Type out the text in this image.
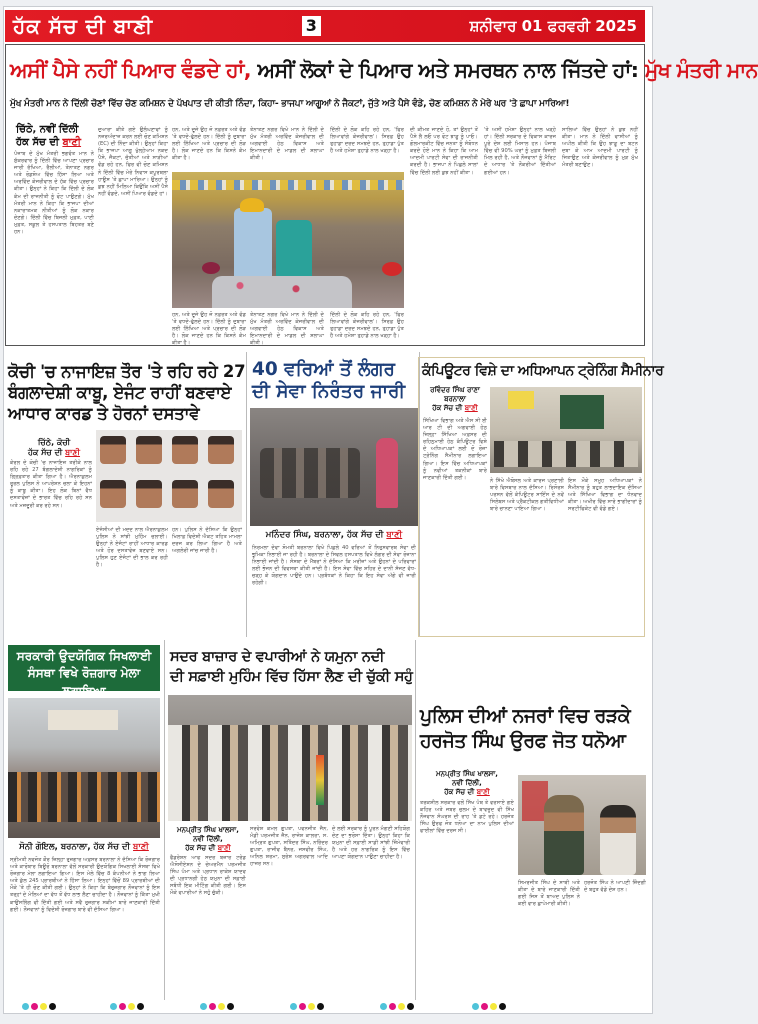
ਹੱਕ ਸੱਚ ਦੀ ਬਾਣੀ	3	ਸ਼ਨੀਵਾਰ 01 ਫਰਵਰੀ 2025
ਅਸੀਂ ਪੈਸੇ ਨਹੀਂ ਪਿਆਰ ਵੰਡਦੇ ਹਾਂ, ਅਸੀਂ ਲੋਕਾਂ ਦੇ ਪਿਆਰ ਅਤੇ ਸਮਰਥਨ ਨਾਲ ਜਿੱਤਦੇ ਹਾਂ: ਮੁੱਖ ਮੰਤਰੀ ਮਾਨ
ਮੁੱਖ ਮੰਤਰੀ ਮਾਨ ਨੇ ਦਿੱਲੀ ਚੋਣਾਂ ਵਿੱਚ ਚੋਣ ਕਮਿਸ਼ਨ ਦੇ ਪੱਖਪਾਤ ਦੀ ਕੀਤੀ ਨਿੰਦਾ, ਕਿਹਾ- ਭਾਜਪਾ ਆਗੂਆਂ ਨੇ ਜੈਕਟਾਂ, ਜੁੱਤੇ ਅਤੇ ਪੈਸੇ ਵੰਡੇ, ਚੋਣ ਕਮਿਸ਼ਨ ਨੇ ਮੇਰੇ ਘਰ 'ਤੇ ਛਾਪਾ ਮਾਰਿਆ!
ਚਿੱਠੇ, ਨਵੀਂ ਦਿੱਲੀ
ਹੱਕ ਸੱਚ ਦੀ ਬਾਣੀ
ਪੰਜਾਬ ਦੇ ਮੁੱਖ ਮੰਤਰੀ ਭਗਵੰਤ ਮਾਨ ਨੇ ਸ਼ੁੱਕਰਵਾਰ ਨੂੰ ਦਿੱਲੀ ਵਿੱਚ ਆਪਣਾ ਪ੍ਰਚਾਰ ਜਾਰੀ ਰੱਖਿਆ, ਰੈਲੀਆਂ, ਤੇਨਾਤਣ ਨਗਰ ਅਤੇ ਰੋਡਸ਼ੋਅ ਵਿੱਚ ਹਿੱਸਾ ਲਿਆ ਅਤੇ ਅਰਵਿੰਦ ਕੇਜਰੀਵਾਲ ਦੇ ਹੱਕ ਵਿੱਚ ਪ੍ਰਚਾਰ ਕੀਤਾ। ਉਨ੍ਹਾਂ ਨੇ ਕਿਹਾ ਕਿ ਦਿੱਲੀ ਦੇ ਲੋਕ ਕੰਮ ਦੀ ਰਾਜਨੀਤੀ ਨੂੰ ਵੋਟ ਪਾਉਣਗੇ। ਮੁੱਖ ਮੰਤਰੀ ਮਾਨ ਨੇ ਕਿਹਾ ਕਿ ਭਾਜਪਾ ਦੀਆਂ ਨਕਾਰਾਤਮਕ ਨੀਤੀਆਂ ਨੂੰ ਲੋਕ ਨਕਾਰ ਦੇਣਗੇ। ਦਿੱਲੀ ਵਿੱਚ ਬਿਜਲੀ ਮੁਫ਼ਤ, ਪਾਣੀ ਮੁਫ਼ਤ, ਸਕੂਲ ਤੇ ਹਸਪਤਾਲ ਬਿਹਤਰ ਬਣੇ ਹਨ।
ਦੁਆਰਾ ਕੀਤੇ ਗਏ ਉਲੰਘਣਾਵਾਂ ਨੂੰ ਨਜ਼ਰਅੰਦਾਜ਼ ਕਰਨ ਲਈ ਚੋਣ ਕਮਿਸ਼ਨ (EC) ਦੀ ਨਿੰਦਾ ਕੀਤੀ। ਉਨ੍ਹਾਂ ਕਿਹਾ ਕਿ ਭਾਜਪਾ ਆਗੂ ਖੁੱਲ੍ਹੇਆਮ ਨਕਦ ਪੈਸੇ, ਜੈਕਟਾਂ, ਜੁੱਤੀਆਂ ਅਤੇ ਸਾੜੀਆਂ ਵੰਡ ਰਹੇ ਹਨ, ਫਿਰ ਵੀ ਚੋਣ ਕਮਿਸ਼ਨ ਨੇ ਦਿੱਲੀ ਵਿੱਚ ਮੇਰੇ ਨਿਵਾਸ ਕਪੂਰਥਲਾ ਹਾਊਸ 'ਤੇ ਛਾਪਾ ਮਾਰਿਆ। ਉਨ੍ਹਾਂ ਨੂੰ ਕੁਝ ਨਹੀਂ ਮਿਲਿਆ ਕਿਉਂਕਿ ਅਸੀਂ ਪੈਸੇ ਨਹੀਂ ਵੰਡਦੇ, ਅਸੀਂ ਪਿਆਰ ਵੰਡਦੇ ਹਾਂ।
ਹਨ, ਅਤੇ ਦੂਜੇ ਉਹ ਜੋ ਨਫ਼ਰਤ ਅਤੇ ਵੰਡ 'ਤੇ ਵਧਦੇ-ਫੁੱਲਦੇ ਹਨ। ਦਿੱਲੀ ਨੂੰ ਦੁਬਾਰਾ ਲਈ ਲਿੱਖਿਆ ਅਤੇ ਪ੍ਰਚਾਰ ਦੀ ਲੋੜ ਹੈ। ਲੋਕ ਜਾਣਦੇ ਹਨ ਕਿ ਕਿਸਨੇ ਕੰਮ ਕੀਤਾ ਹੈ।
ਤੇਨਾਤਣ ਨਗਰ ਵਿਖੇ ਮਾਨ ਨੇ ਦਿੱਲੀ ਦੇ ਮੁੱਖ ਮੰਤਰੀ ਅਰਵਿੰਦ ਕੇਜਰੀਵਾਲ ਦੀ ਅਗਵਾਈ ਹੇਠ ਵਿਕਾਸ ਅਤੇ ਇਮਾਨਦਾਰੀ ਦੇ ਮਾਡਲ ਦੀ ਸ਼ਲਾਘਾ ਕੀਤੀ।
ਦਿੱਲੀ ਦੇ ਲੋਕ ਕਹਿ ਰਹੇ ਹਨ, 'ਫਿਰ ਲਿਆਵਾਂਗੇ ਕੇਜਰੀਵਾਲ'। ਸਿਰਫ਼ ਉਹ ਤੁਹਾਡਾ ਦਰਦ ਸਮਝਦੇ ਹਨ, ਤੁਹਾਡਾ ਪੁੱਤ ਹੈ ਅਤੇ ਹਮੇਸ਼ਾ ਤੁਹਾਡੇ ਨਾਲ ਖੜ੍ਹਾ ਹੈ।
ਦੀ ਕੀਮਤ ਜਾਣਦੇ ਹੋ, ਤਾਂ ਉਨ੍ਹਾਂ ਤੋਂ ਪੈਸੇ ਲੈ ਲਓ ਪਰ ਵੋਟ ਝਾੜੂ ਨੂੰ ਪਾਓ। ਗੋਲਮਾਰਕੀਟ ਵਿੱਚ ਜਨਤਾ ਨੂੰ ਸੰਬੋਧਨ ਕਰਦੇ ਹੋਏ ਮਾਨ ਨੇ ਕਿਹਾ ਕਿ ਆਮ ਆਦਮੀ ਪਾਰਟੀ ਸੇਵਾ ਦੀ ਰਾਜਨੀਤੀ ਕਰਦੀ ਹੈ। ਭਾਜਪਾ ਨੇ ਪਿਛਲੇ ਸਾਲਾਂ ਵਿੱਚ ਦਿੱਲੀ ਲਈ ਕੁਝ ਨਹੀਂ ਕੀਤਾ।
'ਤੇ ਅਸੀਂ ਹਮੇਸ਼ਾ ਉਨ੍ਹਾਂ ਨਾਲ ਖੜ੍ਹੇ ਹਾਂ। ਦਿੱਲੀ ਸਰਕਾਰ ਦੇ ਵਿਕਾਸ ਕਾਰਜ ਪੂਰੇ ਦੇਸ਼ ਲਈ ਮਿਸਾਲ ਹਨ। ਪੰਜਾਬ ਵਿੱਚ ਵੀ 90% ਘਰਾਂ ਨੂੰ ਮੁਫ਼ਤ ਬਿਜਲੀ ਮਿਲ ਰਹੀ ਹੈ, ਅਤੇ ਨੌਜਵਾਨਾਂ ਨੂੰ ਮੈਰਿਟ ਦੇ ਆਧਾਰ 'ਤੇ ਨੌਕਰੀਆਂ ਦਿੱਤੀਆਂ ਗਈਆਂ ਹਨ।
ਸਾਲਿਆਂ ਵਿੱਚ ਉਨ੍ਹਾਂ ਨੇ ਕੁਝ ਨਹੀਂ ਕੀਤਾ। ਮਾਨ ਨੇ ਦਿੱਲੀ ਵਾਸੀਆਂ ਨੂੰ ਅਪੀਲ ਕੀਤੀ ਕਿ ਉਹ ਝਾੜੂ ਦਾ ਬਟਨ ਦਬਾ ਕੇ ਆਮ ਆਦਮੀ ਪਾਰਟੀ ਨੂੰ ਜਿਤਾਉਣ ਅਤੇ ਕੇਜਰੀਵਾਲ ਨੂੰ ਮੁੜ ਮੁੱਖ ਮੰਤਰੀ ਬਣਾਉਣ।
ਹਨ, ਅਤੇ ਦੂਜੇ ਉਹ ਜੋ ਨਫ਼ਰਤ ਅਤੇ ਵੰਡ 'ਤੇ ਵਧਦੇ-ਫੁੱਲਦੇ ਹਨ। ਦਿੱਲੀ ਨੂੰ ਦੁਬਾਰਾ ਲਈ ਲਿੱਖਿਆ ਅਤੇ ਪ੍ਰਚਾਰ ਦੀ ਲੋੜ ਹੈ। ਲੋਕ ਜਾਣਦੇ ਹਨ ਕਿ ਕਿਸਨੇ ਕੰਮ ਕੀਤਾ ਹੈ।
ਤੇਨਾਤਣ ਨਗਰ ਵਿਖੇ ਮਾਨ ਨੇ ਦਿੱਲੀ ਦੇ ਮੁੱਖ ਮੰਤਰੀ ਅਰਵਿੰਦ ਕੇਜਰੀਵਾਲ ਦੀ ਅਗਵਾਈ ਹੇਠ ਵਿਕਾਸ ਅਤੇ ਇਮਾਨਦਾਰੀ ਦੇ ਮਾਡਲ ਦੀ ਸ਼ਲਾਘਾ ਕੀਤੀ।
ਦਿੱਲੀ ਦੇ ਲੋਕ ਕਹਿ ਰਹੇ ਹਨ, 'ਫਿਰ ਲਿਆਵਾਂਗੇ ਕੇਜਰੀਵਾਲ'। ਸਿਰਫ਼ ਉਹ ਤੁਹਾਡਾ ਦਰਦ ਸਮਝਦੇ ਹਨ, ਤੁਹਾਡਾ ਪੁੱਤ ਹੈ ਅਤੇ ਹਮੇਸ਼ਾ ਤੁਹਾਡੇ ਨਾਲ ਖੜ੍ਹਾ ਹੈ।
ਕੋਚੀ 'ਚ ਨਾਜਾਇਜ਼ ਤੌਰ 'ਤੇ ਰਹਿ ਰਹੇ 27 ਬੰਗਲਾਦੇਸ਼ੀ ਕਾਬੂ, ਏਜੰਟ ਰਾਹੀਂ ਬਣਵਾਏ ਆਧਾਰ ਕਾਰਡ ਤੇ ਹੋਰਨਾਂ ਦਸਤਾਵੇ
ਚਿੱਠੇ, ਕੋਚੀ
ਹੱਕ ਸੱਚ ਦੀ ਬਾਣੀ
ਕੇਰਲ ਦੇ ਕੋਚੀ 'ਚ ਨਾਜਾਇਜ਼ ਤਰੀਕੇ ਨਾਲ ਰਹਿ ਰਹੇ 27 ਬੰਗਲਾਦੇਸ਼ੀ ਨਾਗਰਿਕਾਂ ਨੂੰ ਗ੍ਰਿਫ਼ਤਾਰ ਕੀਤਾ ਗਿਆ ਹੈ। ਐਰਨਾਕੁਲਮ ਰੂਰਲ ਪੁਲਿਸ ਨੇ ਆਪਰੇਸ਼ਨ ਚਲਾ ਕੇ ਇਹਨਾਂ ਨੂੰ ਕਾਬੂ ਕੀਤਾ। ਇਹ ਲੋਕ ਬਿਨਾਂ ਵੈਧ ਦਸਤਾਵੇਜ਼ਾਂ ਦੇ ਭਾਰਤ ਵਿੱਚ ਰਹਿ ਰਹੇ ਸਨ ਅਤੇ ਮਜ਼ਦੂਰੀ ਕਰ ਰਹੇ ਸਨ।
ਏਜੰਸੀਆਂ ਦੀ ਮਦਦ ਨਾਲ ਐਰਨਾਕੁਲਮ ਪੁਲਿਸ ਨੇ ਸਾਂਝੀ ਮੁਹਿੰਮ ਚਲਾਈ। ਉਨ੍ਹਾਂ ਨੇ ਏਜੰਟਾਂ ਰਾਹੀਂ ਆਧਾਰ ਕਾਰਡ ਅਤੇ ਹੋਰ ਦਸਤਾਵੇਜ਼ ਬਣਵਾਏ ਸਨ। ਪੁਲਿਸ ਹੁਣ ਏਜੰਟਾਂ ਦੀ ਭਾਲ ਕਰ ਰਹੀ ਹੈ।
ਹਨ। ਪੁਲਿਸ ਨੇ ਦੱਸਿਆ ਕਿ ਉਨ੍ਹਾਂ ਖਿਲਾਫ਼ ਵਿਦੇਸ਼ੀ ਐਕਟ ਤਹਿਤ ਮਾਮਲਾ ਦਰਜ ਕਰ ਲਿਆ ਗਿਆ ਹੈ ਅਤੇ ਅਗਲੇਰੀ ਜਾਂਚ ਜਾਰੀ ਹੈ।
40 ਵਰਿਆਂ ਤੋਂ ਲੰਗਰ
ਦੀ ਸੇਵਾ ਨਿਰੰਤਰ ਜਾਰੀ
ਮਨਿੰਦਰ ਸਿੰਘ, ਬਰਨਾਲਾ, ਹੱਕ ਸੱਚ ਦੀ ਬਾਣੀ
ਨਿਰਮਲਾ ਦੇਵਾ ਸੋਮਤੀ ਬਰਨਾਲਾ ਵਿਖੇ ਪਿਛਲੇ 40 ਵਰਿਆਂ ਤੋਂ ਨਿਰੁਸਵਾਰਥ ਸੇਵਾ ਦੀ ਭੂਮਿਕਾ ਨਿਭਾਈ ਜਾ ਰਹੀ ਹੈ। ਬਰਨਾਲਾ ਦੇ ਸਿਵਲ ਹਸਪਤਾਲ ਵਿਖੇ ਲੰਗਰ ਦੀ ਸੇਵਾ ਰੋਜ਼ਾਨਾ ਨਿਭਾਈ ਜਾਂਦੀ ਹੈ। ਸੰਸਥਾ ਦੇ ਮੈਂਬਰਾਂ ਨੇ ਦੱਸਿਆ ਕਿ ਮਰੀਜ਼ਾਂ ਅਤੇ ਉਹਨਾਂ ਦੇ ਪਰਿਵਾਰਾਂ ਲਈ ਭੋਜਨ ਦੀ ਵਿਵਸਥਾ ਕੀਤੀ ਜਾਂਦੀ ਹੈ। ਇਸ ਸੇਵਾ ਵਿੱਚ ਸ਼ਹਿਰ ਦੇ ਦਾਨੀ ਸੱਜਣ ਵੱਧ-ਚੜ੍ਹ ਕੇ ਯੋਗਦਾਨ ਪਾਉਂਦੇ ਹਨ। ਪ੍ਰਬੰਧਕਾਂ ਨੇ ਕਿਹਾ ਕਿ ਇਹ ਸੇਵਾ ਅੱਗੇ ਵੀ ਜਾਰੀ ਰਹੇਗੀ।
ਕੰਪਿਊਟਰ ਵਿਸ਼ੇ ਦਾ ਅਧਿਆਪਨ ਟ੍ਰੇਨਿੰਗ ਸੈਮੀਨਾਰ
ਰਵਿੰਦਰ ਸਿੰਘ ਰਾਣਾ
ਬਰਨਾਲਾ
ਹੱਕ ਸੱਚ ਦੀ ਬਾਣੀ
ਸਿੱਖਿਆ ਵਿਭਾਗ ਅਤੇ ਐਸ ਸੀ ਈ ਆਰ ਟੀ ਦੀ ਅਗਵਾਈ ਹੇਠ ਜ਼ਿਲ੍ਹਾ ਸਿੱਖਿਆ ਅਫ਼ਸਰ ਦੀ ਰਹਿਨੁਮਾਈ ਹੇਠ ਕੰਪਿਊਟਰ ਵਿਸ਼ੇ ਦੇ ਅਧਿਆਪਕਾਂ ਲਈ ਦੋ ਰੋਜ਼ਾ ਟ੍ਰੇਨਿੰਗ ਸੈਮੀਨਾਰ ਲਗਾਇਆ ਗਿਆ। ਇਸ ਵਿੱਚ ਅਧਿਆਪਕਾਂ ਨੂੰ ਨਵੀਆਂ ਤਕਨੀਕਾਂ ਬਾਰੇ ਜਾਣਕਾਰੀ ਦਿੱਤੀ ਗਈ।
ਨੇ ਸਿੱਖੇ ਐਬੋਸਲ ਅਤੇ ਕਾਰਜ ਪ੍ਰਣਾਲੀ ਬਾਰੇ ਵਿਸਥਾਰ ਨਾਲ ਦੱਸਿਆ। ਰਿਸੋਰਸ ਪਰਸਨ ਵੱਲੋਂ ਕੰਪਿਊਟਰ ਸਾਇੰਸ ਦੇ ਨਵੇਂ ਸਿਲੇਬਸ ਅਤੇ ਪ੍ਰੈਕਟੀਕਲ ਗਤੀਵਿਧੀਆਂ ਬਾਰੇ ਚਾਨਣਾ ਪਾਇਆ ਗਿਆ।
ਇਸ ਮੌਕੇ ਸਮੂਹ ਅਧਿਆਪਕਾਂ ਨੇ ਸੈਮੀਨਾਰ ਨੂੰ ਬਹੁਤ ਲਾਭਦਾਇਕ ਦੱਸਿਆ ਅਤੇ ਸਿੱਖਿਆ ਵਿਭਾਗ ਦਾ ਧੰਨਵਾਦ ਕੀਤਾ। ਅਖੀਰ ਵਿੱਚ ਸਾਰੇ ਭਾਗੀਦਾਰਾਂ ਨੂੰ ਸਰਟੀਫਿਕੇਟ ਵੀ ਵੰਡੇ ਗਏ।
ਸਰਕਾਰੀ ਉਦਯੋਗਿਕ ਸਿਖਲਾਈ
ਸੰਸਥਾ ਵਿਖੇ ਰੋਜ਼ਗਾਰ ਮੇਲਾ ਲਗਾਇਆ
ਸੋਨੀ ਗੋਇਲ, ਬਰਨਾਲਾ, ਹੱਕ ਸੱਚ ਦੀ ਬਾਣੀ
ਸ੍ਰੀਮਤੀ ਨਵਜੋਤ ਕੌਰ ਜ਼ਿਲ੍ਹਾ ਰੁਜ਼ਗਾਰ ਅਫ਼ਸਰ ਬਰਨਾਲਾ ਨੇ ਦੱਸਿਆ ਕਿ ਰੋਜ਼ਗਾਰ ਅਤੇ ਕਾਰੋਬਾਰ ਬਿਊਰੋ ਬਰਨਾਲਾ ਵੱਲੋਂ ਸਰਕਾਰੀ ਉਦਯੋਗਿਕ ਸਿਖਲਾਈ ਸੰਸਥਾ ਵਿਖੇ ਰੋਜ਼ਗਾਰ ਮੇਲਾ ਲਗਾਇਆ ਗਿਆ। ਇਸ ਮੇਲੇ ਵਿੱਚ 8 ਕੰਪਨੀਆਂ ਨੇ ਭਾਗ ਲਿਆ ਅਤੇ ਕੁੱਲ 245 ਪ੍ਰਾਰਥੀਆਂ ਨੇ ਹਿੱਸਾ ਲਿਆ। ਇਨ੍ਹਾਂ ਵਿੱਚੋਂ 89 ਪ੍ਰਾਰਥੀਆਂ ਦੀ ਮੌਕੇ 'ਤੇ ਹੀ ਚੋਣ ਕੀਤੀ ਗਈ। ਉਨ੍ਹਾਂ ਨੇ ਕਿਹਾ ਕਿ ਬੇਰੁਜ਼ਗਾਰ ਨੌਜਵਾਨਾਂ ਨੂੰ ਇਸ ਤਰ੍ਹਾਂ ਦੇ ਮੇਲਿਆਂ ਦਾ ਵੱਧ ਤੋਂ ਵੱਧ ਲਾਭ ਲੈਣਾ ਚਾਹੀਦਾ ਹੈ। ਨੌਜਵਾਨਾਂ ਨੂੰ ਕਿੱਤਾ ਮੁਖੀ ਕਾਉਂਸਲਿੰਗ ਵੀ ਦਿੱਤੀ ਗਈ ਅਤੇ ਸਵੈ ਰੁਜ਼ਗਾਰ ਸਕੀਮਾਂ ਬਾਰੇ ਜਾਣਕਾਰੀ ਦਿੱਤੀ ਗਈ। ਨੌਜਵਾਨਾਂ ਨੂੰ ਵਿਦੇਸ਼ੀ ਰੋਜ਼ਗਾਰ ਬਾਰੇ ਵੀ ਦੱਸਿਆ ਗਿਆ।
ਸਦਰ ਬਾਜ਼ਾਰ ਦੇ ਵਪਾਰੀਆਂ ਨੇ ਯਮੁਨਾ ਨਦੀ
ਦੀ ਸਫ਼ਾਈ ਮੁਹਿੰਮ ਵਿੱਚ ਹਿੱਸਾ ਲੈਣ ਦੀ ਚੁੱਕੀ ਸਹੁੰ
ਮਨਪ੍ਰੀਤ ਸਿੰਘ ਖਾਲਸਾ,
ਨਵੀਂ ਦਿੱਲੀ,
ਹੱਕ ਸੱਚ ਦੀ ਬਾਣੀ
ਫੈਡਰੇਸ਼ਨ ਆਫ ਸਦਰ ਬਜ਼ਾਰ ਟਰੇਡ ਐਸੋਸੀਏਸ਼ਨ ਦੇ ਚੇਅਰਮੈਨ ਪਰਮਜੀਤ ਸਿੰਘ ਪੰਮਾ ਅਤੇ ਪ੍ਰਧਾਨ ਰਾਕੇਸ਼ ਯਾਦਵ ਦੀ ਪ੍ਰਧਾਨਗੀ ਹੇਠ ਯਮੁਨਾ ਦੀ ਸਫ਼ਾਈ ਸਬੰਧੀ ਇਕ ਮੀਟਿੰਗ ਕੀਤੀ ਗਈ। ਇਸ ਮੌਕੇ ਵਪਾਰੀਆਂ ਨੇ ਸਹੁੰ ਚੁੱਕੀ।
ਸਰਵੇਸ਼ ਕਮਲ ਗੁਪਤਾ, ਪਵਨਜੀਤ ਜੈਨ, ਮੰਡੀ ਪਰਮਜੀਤ ਜੈਨ, ਰਾਜੇਸ਼ ਕਾਲਰਾ, ਸ. ਅਮ੍ਰਿਤ ਗੁਪਤਾ, ਸਤਿੰਦਰ ਸਿੰਘ, ਨਰਿੰਦਰ ਗੁਪਤਾ, ਰਾਜੀਵ ਬੈਨਰ, ਜਸਵੀਰ ਸਿੰਘ, ਅਨਿਲ ਸ਼ਰਮਾ, ਸੁਰੇਸ਼ ਅਗਰਵਾਲ ਆਦਿ ਹਾਜ਼ਰ ਸਨ।
ਦੇ ਲਈ ਸਰਕਾਰ ਨੂੰ ਪੂਰਨ ਮੰਗਣੀ ਸਹਿਯੋਗ ਦੇਣ ਦਾ ਭਰੋਸਾ ਦਿੱਤਾ। ਉਨ੍ਹਾਂ ਕਿਹਾ ਕਿ ਯਮੁਨਾ ਦੀ ਸਫ਼ਾਈ ਸਾਡੀ ਸਾਂਝੀ ਜ਼ਿੰਮੇਵਾਰੀ ਹੈ ਅਤੇ ਹਰ ਨਾਗਰਿਕ ਨੂੰ ਇਸ ਵਿੱਚ ਆਪਣਾ ਯੋਗਦਾਨ ਪਾਉਣਾ ਚਾਹੀਦਾ ਹੈ।
ਪੁਲਿਸ ਦੀਆਂ ਨਜਰਾਂ ਵਿਚ ਰੜਕੇ
ਹਰਜੋਤ ਸਿੰਘ ਉਰਫ ਜੋਤ ਧਨੋਆ
ਮਨਪ੍ਰੀਤ ਸਿੰਘ ਖਾਲਸਾ,
ਨਵੀਂ ਦਿੱਲੀ,
ਹੱਕ ਸੱਚ ਦੀ ਬਾਣੀ
ਤਰਕਸ਼ੀਲ ਸਰਕਾਰ ਵਲੋਂ ਸਿੱਖ ਪੰਥ ਤੇ ਵਰਸਾਏ ਗਏ ਕਹਿਰ ਅਤੇ ਜਬਰ ਜ਼ੁਲਮ ਦੇ ਬਾਵਜੂਦ ਵੀ ਸਿੱਖ ਨੌਜਵਾਨ ਸੰਘਰਸ਼ ਦੀ ਰਾਹ 'ਤੇ ਡਟੇ ਰਹੇ। ਹਰਜੋਤ ਸਿੰਘ ਉਰਫ ਜੋਤ ਧਨੋਆ ਦਾ ਨਾਮ ਪੁਲਿਸ ਦੀਆਂ ਫਾਈਲਾਂ ਵਿੱਚ ਦਰਜ ਸੀ।
ਸਿਮਰਜੀਤ ਸਿੰਘ ਦੇ ਸਾਥੀ ਅਤੇ ਕੀਤਾ ਦੇ ਬਾਰੇ ਜਾਣਕਾਰੀ ਦਿੱਤੀ ਗਈ ਜਿਸ ਤੋਂ ਬਾਅਦ ਪੁਲਿਸ ਨੇ ਕਈ ਵਾਰ ਛਾਪੇਮਾਰੀ ਕੀਤੀ।
ਹਰਜੋਤ ਸਿੰਘ ਨੇ ਆਪਣੀ ਜ਼ਿੰਦਗੀ ਦੇ ਬਹੁਤ ਵੱਡੇ ਦੇਸ਼ ਹਨ।
